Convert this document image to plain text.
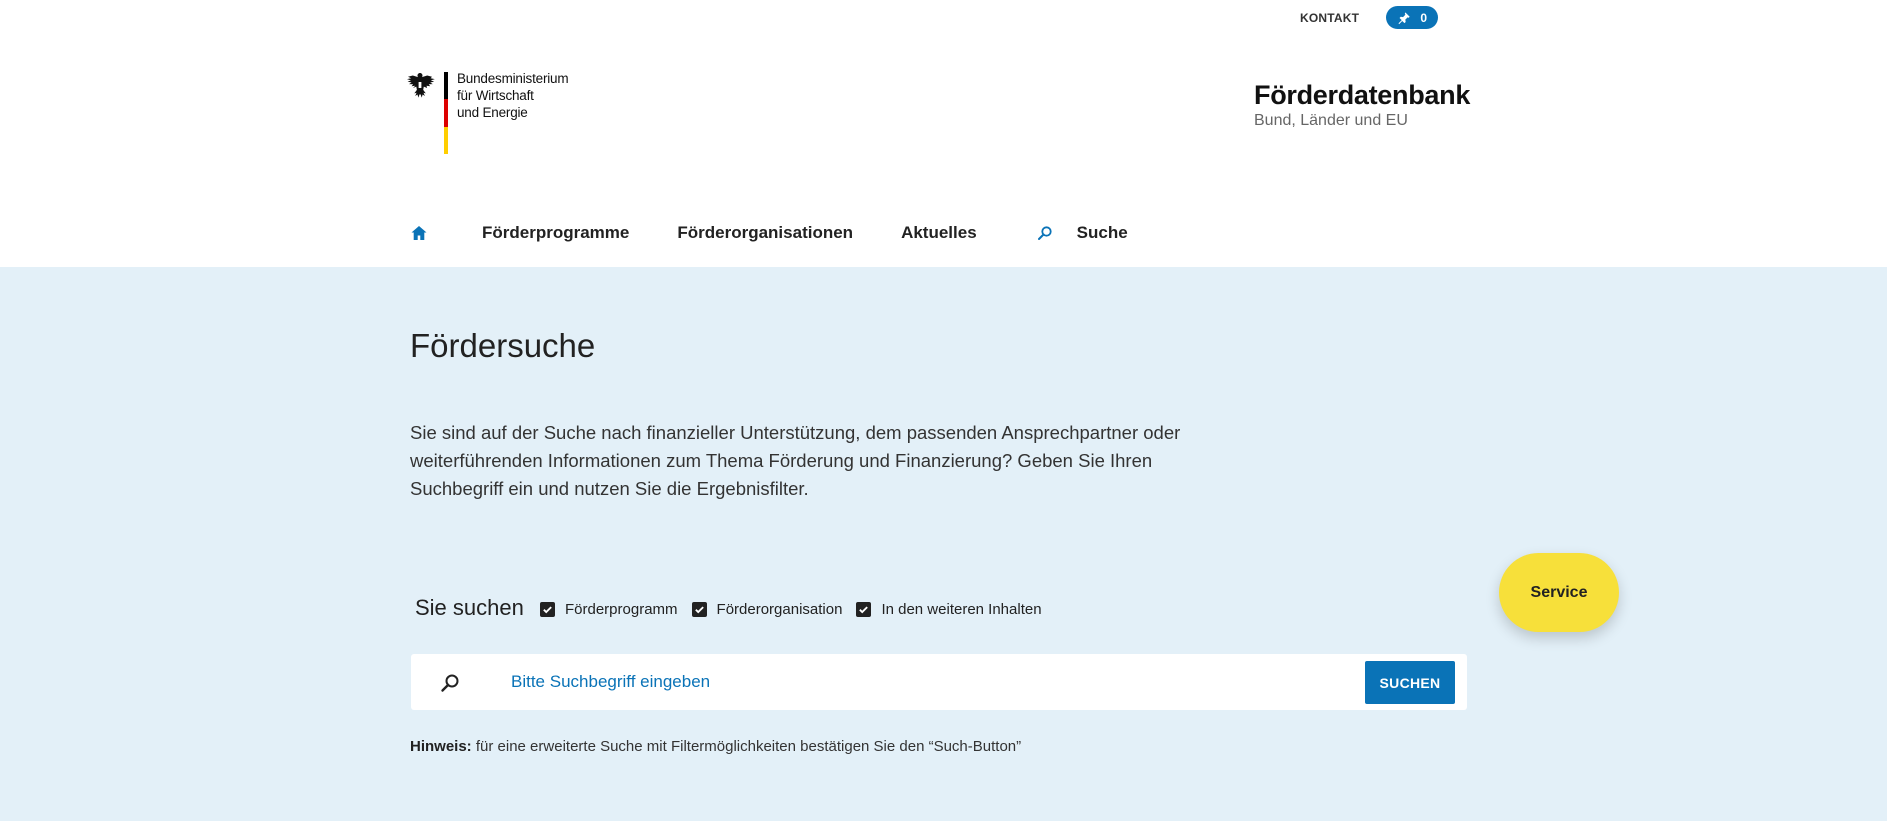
KONTAKT	0
Bundesministerium
für Wirtschaft
und Energie
Förderdatenbank
Bund, Länder und EU
Förderprogramme	Förderorganisationen	Aktuelles	Suche
Fördersuche

Sie sind auf der Suche nach finanzieller Unterstützung, dem passenden Ansprechpartner oder weiterführenden Informationen zum Thema Förderung und Finanzierung? Geben Sie Ihren Suchbegriff ein und nutzen Sie die Ergebnisfilter.

Sie suchen	Förderprogramm	Förderorganisation	In den weiteren Inhalten
Bitte Suchbegriff eingeben
SUCHEN

Hinweis: für eine erweiterte Suche mit Filtermöglichkeiten bestätigen Sie den “Such-Button”

Service
